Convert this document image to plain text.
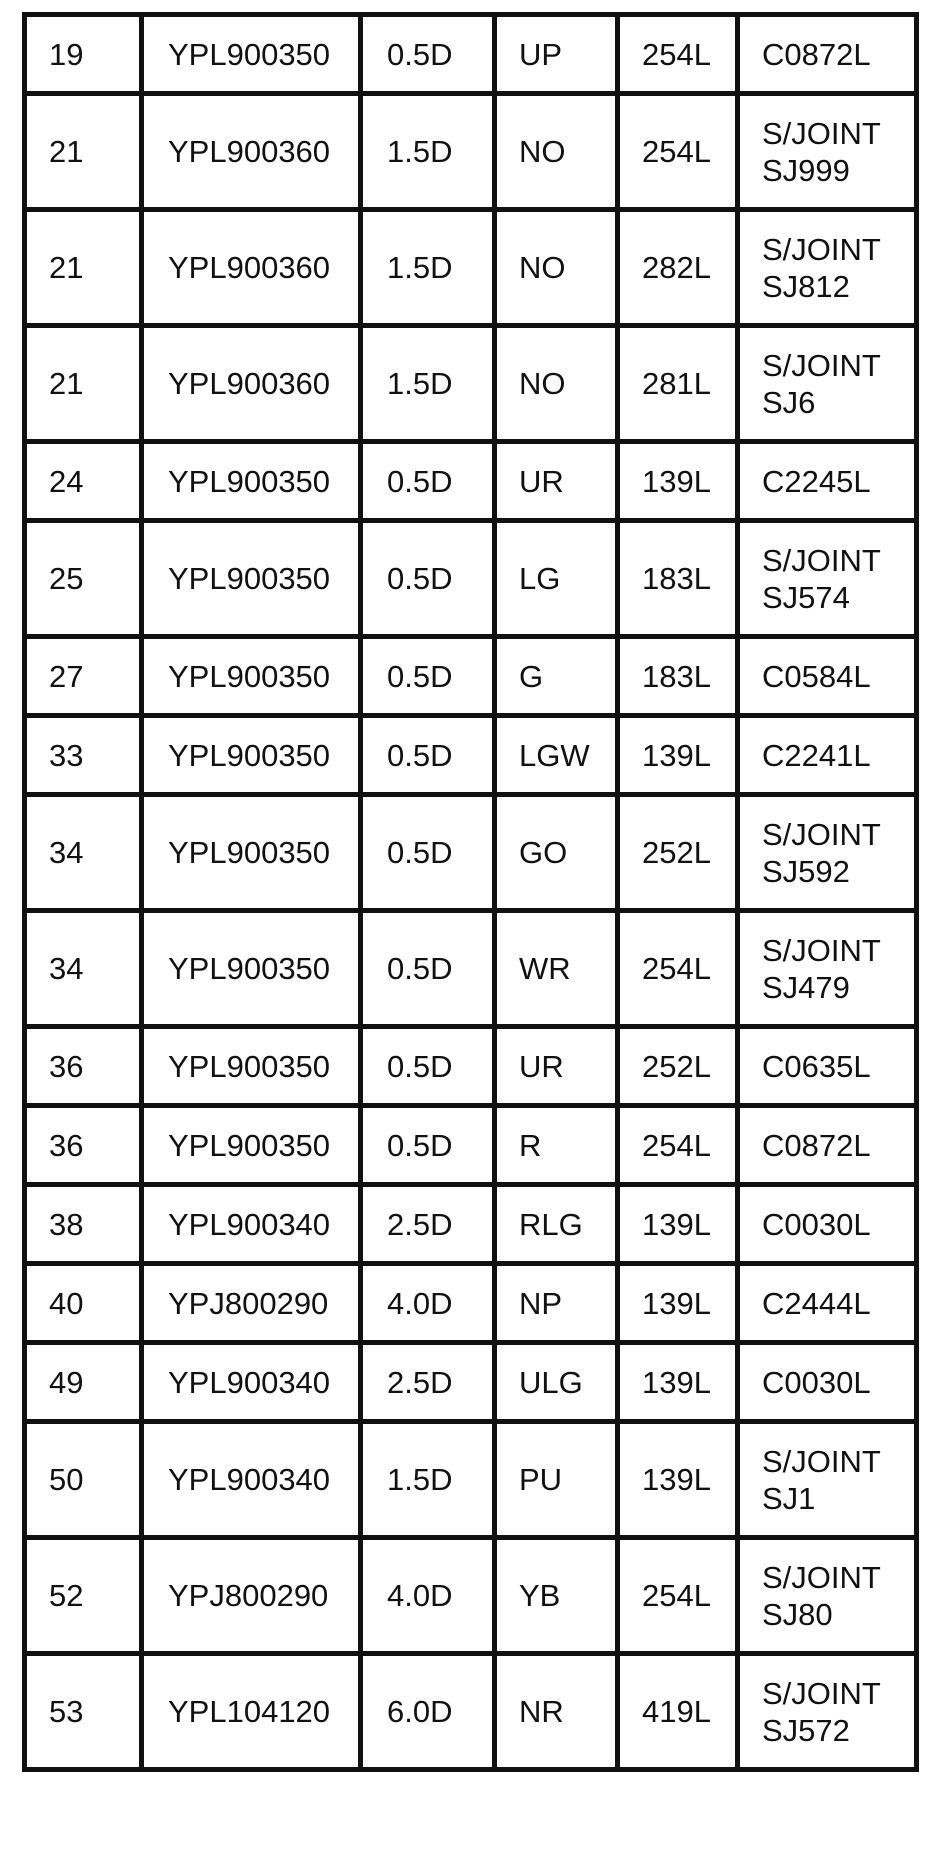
19	YPL900350	0.5D	UP	254L	C0872L

21	YPL900360	1.5D	NO	254L	S/JOINT
SJ999

21	YPL900360	1.5D	NO	282L	S/JOINT
SJ812

21	YPL900360	1.5D	NO	281L	S/JOINT
SJ6

24	YPL900350	0.5D	UR	139L	C2245L

25	YPL900350	0.5D	LG	183L	S/JOINT
SJ574

27	YPL900350	0.5D	G	183L	C0584L

33	YPL900350	0.5D	LGW	139L	C2241L

34	YPL900350	0.5D	GO	252L	S/JOINT
SJ592

34	YPL900350	0.5D	WR	254L	S/JOINT
SJ479

36	YPL900350	0.5D	UR	252L	C0635L

36	YPL900350	0.5D	R	254L	C0872L

38	YPL900340	2.5D	RLG	139L	C0030L

40	YPJ800290	4.0D	NP	139L	C2444L

49	YPL900340	2.5D	ULG	139L	C0030L

50	YPL900340	1.5D	PU	139L	S/JOINT
SJ1

52	YPJ800290	4.0D	YB	254L	S/JOINT
SJ80

53	YPL104120	6.0D	NR	419L	S/JOINT
SJ572
